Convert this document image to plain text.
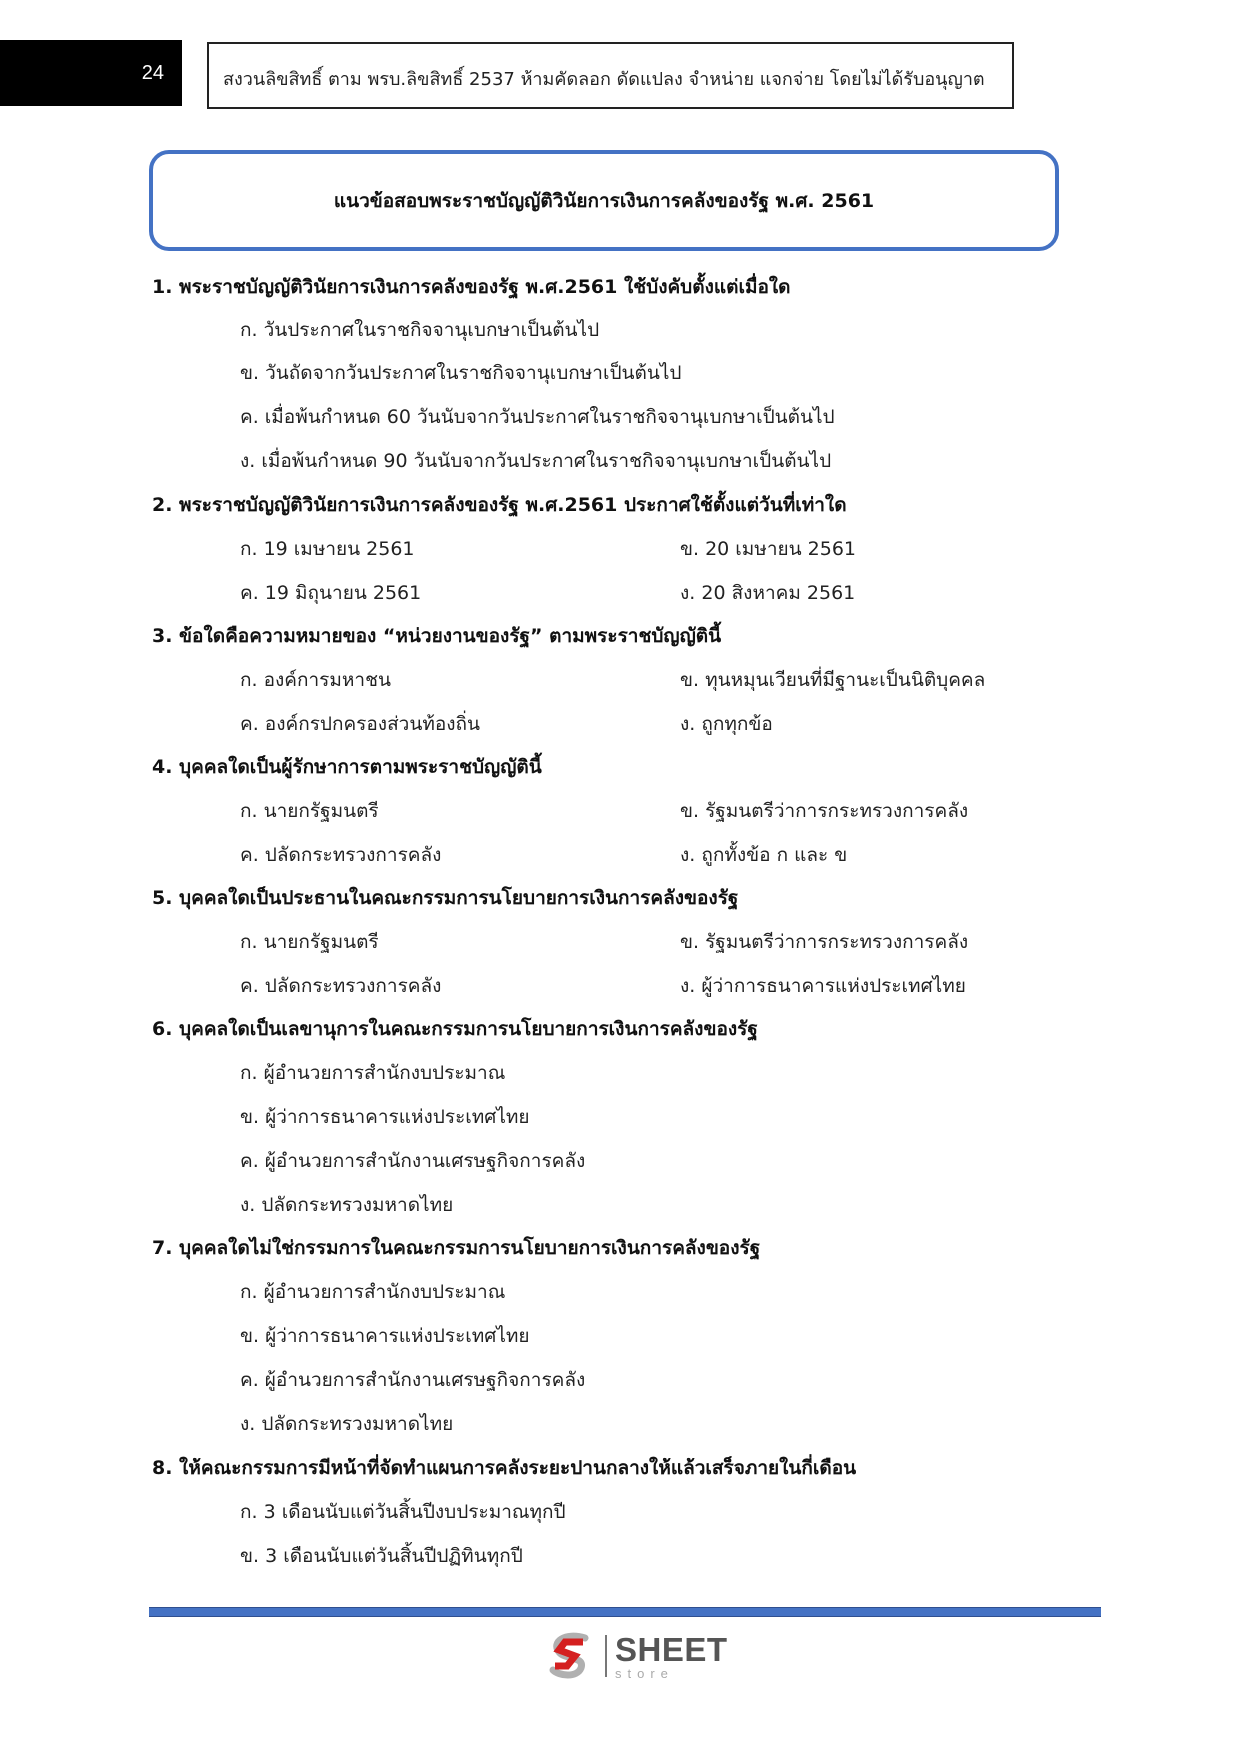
24	สงวนลิขสิทธิ์ ตาม พรบ.ลิขสิทธิ์ 2537 ห้ามคัดลอก ดัดแปลง จำหน่าย แจกจ่าย โดยไม่ได้รับอนุญาต
แนวข้อสอบพระราชบัญญัติวินัยการเงินการคลังของรัฐ พ.ศ. 2561
1. พระราชบัญญัติวินัยการเงินการคลังของรัฐ พ.ศ.2561 ใช้บังคับตั้งแต่เมื่อใด
ก. วันประกาศในราชกิจจานุเบกษาเป็นต้นไป
ข. วันถัดจากวันประกาศในราชกิจจานุเบกษาเป็นต้นไป
ค. เมื่อพ้นกำหนด 60 วันนับจากวันประกาศในราชกิจจานุเบกษาเป็นต้นไป
ง. เมื่อพ้นกำหนด 90 วันนับจากวันประกาศในราชกิจจานุเบกษาเป็นต้นไป
2. พระราชบัญญัติวินัยการเงินการคลังของรัฐ พ.ศ.2561 ประกาศใช้ตั้งแต่วันที่เท่าใด
ก. 19 เมษายน 2561	ข. 20 เมษายน 2561
ค. 19 มิถุนายน 2561	ง. 20 สิงหาคม 2561
3. ข้อใดคือความหมายของ “หน่วยงานของรัฐ” ตามพระราชบัญญัตินี้
ก. องค์การมหาชน	ข. ทุนหมุนเวียนที่มีฐานะเป็นนิติบุคคล
ค. องค์กรปกครองส่วนท้องถิ่น	ง. ถูกทุกข้อ
4. บุคคลใดเป็นผู้รักษาการตามพระราชบัญญัตินี้
ก. นายกรัฐมนตรี	ข. รัฐมนตรีว่าการกระทรวงการคลัง
ค. ปลัดกระทรวงการคลัง	ง. ถูกทั้งข้อ ก และ ข
5. บุคคลใดเป็นประธานในคณะกรรมการนโยบายการเงินการคลังของรัฐ
ก. นายกรัฐมนตรี	ข. รัฐมนตรีว่าการกระทรวงการคลัง
ค. ปลัดกระทรวงการคลัง	ง. ผู้ว่าการธนาคารแห่งประเทศไทย
6. บุคคลใดเป็นเลขานุการในคณะกรรมการนโยบายการเงินการคลังของรัฐ
ก. ผู้อำนวยการสำนักงบประมาณ
ข. ผู้ว่าการธนาคารแห่งประเทศไทย
ค. ผู้อำนวยการสำนักงานเศรษฐกิจการคลัง
ง. ปลัดกระทรวงมหาดไทย
7. บุคคลใดไม่ใช่กรรมการในคณะกรรมการนโยบายการเงินการคลังของรัฐ
ก. ผู้อำนวยการสำนักงบประมาณ
ข. ผู้ว่าการธนาคารแห่งประเทศไทย
ค. ผู้อำนวยการสำนักงานเศรษฐกิจการคลัง
ง. ปลัดกระทรวงมหาดไทย
8. ให้คณะกรรมการมีหน้าที่จัดทำแผนการคลังระยะปานกลางให้แล้วเสร็จภายในกี่เดือน
ก. 3 เดือนนับแต่วันสิ้นปีงบประมาณทุกปี
ข. 3 เดือนนับแต่วันสิ้นปีปฏิทินทุกปี
SHEET
store
